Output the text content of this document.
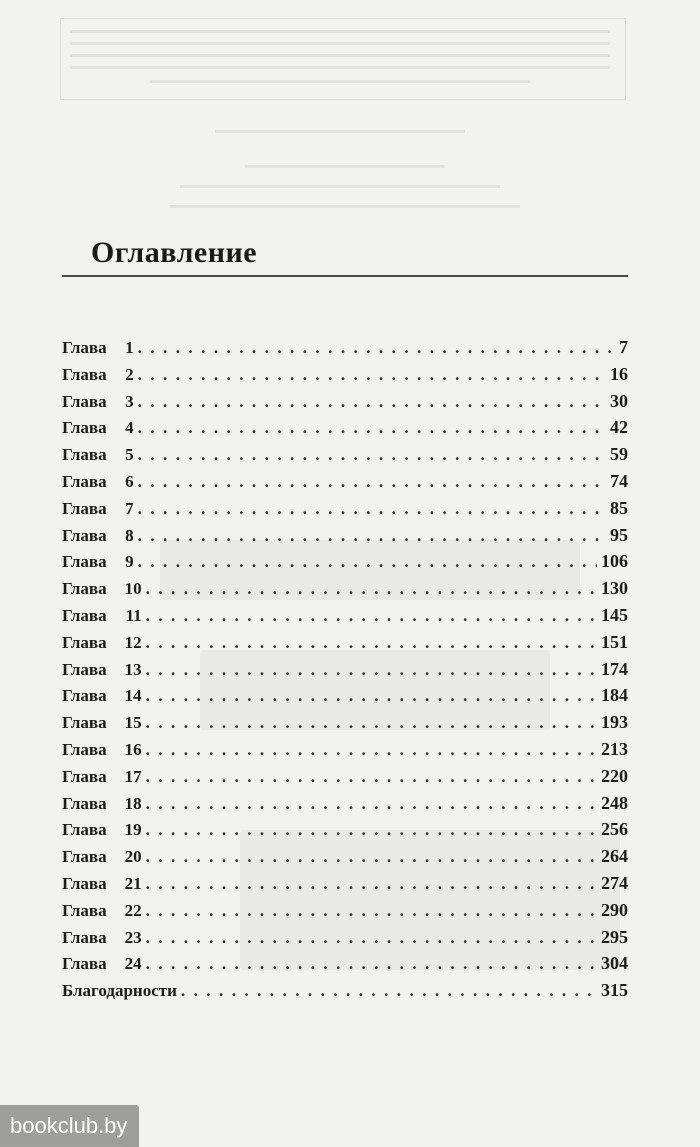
Оглавление
Глава	1 . . .	7
Глава	2 . . .	16
Глава	3 . . .	30
Глава	4 . . .	42
Глава	5 . . .	59
Глава	6 . . .	74
Глава	7 . . .	85
Глава	8 . . .	95
Глава	9 . . .	106
Глава	10 . . .	130
Глава	11 . . .	145
Глава	12 . . .	151
Глава	13 . . .	174
Глава	14 . . .	184
Глава	15 . . .	193
Глава	16 . . .	213
Глава	17 . . .	220
Глава	18 . . .	248
Глава	19 . . .	256
Глава	20 . . .	264
Глава	21 . . .	274
Глава	22 . . .	290
Глава	23 . . .	295
Глава	24 . . .	304
Благодарности . . .	315
bookclub.by
